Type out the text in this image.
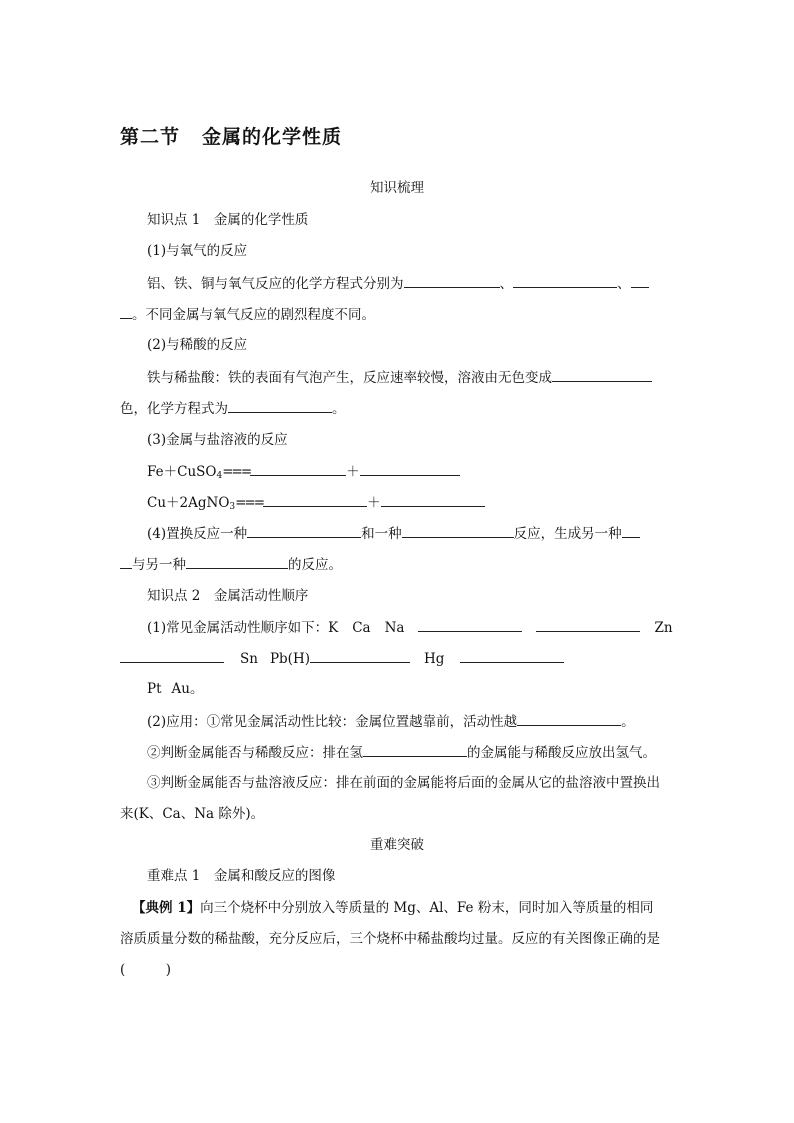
第二节 金属的化学性质
知识梳理
知识点 1　金属的化学性质
(1)与氧气的反应
铝、铁、铜与氧气反应的化学方程式分别为	、	、
。不同金属与氧气反应的剧烈程度不同。
(2)与稀酸的反应
铁与稀盐酸：铁的表面有气泡产生，反应速率较慢，溶液由无色变成
色，化学方程式为	。
(3)金属与盐溶液的反应
Fe＋CuSO$_4$===	＋
Cu＋2AgNO$_3$===	＋
(4)置换反应一种	和一种	反应，生成另一种
与另一种	的反应。
知识点 2　金属活动性顺序
(1)常见金属活动性顺序如下：K Ca Na	Zn
Sn Pb(H)	Hg
Pt Au。
(2)应用：①常见金属活动性比较：金属位置越靠前，活动性越	。
②判断金属能否与稀酸反应：排在氢	的金属能与稀酸反应放出氢气。
③判断金属能否与盐溶液反应：排在前面的金属能将后面的金属从它的盐溶液中置换出
来(K、Ca、Na 除外)。
重难突破
重难点 1　金属和酸反应的图像
【典例 1】向三个烧杯中分别放入等质量的 Mg、Al、Fe 粉末，同时加入等质量的相同
溶质质量分数的稀盐酸，充分反应后，三个烧杯中稀盐酸均过量。反应的有关图像正确的是
(　　　)
